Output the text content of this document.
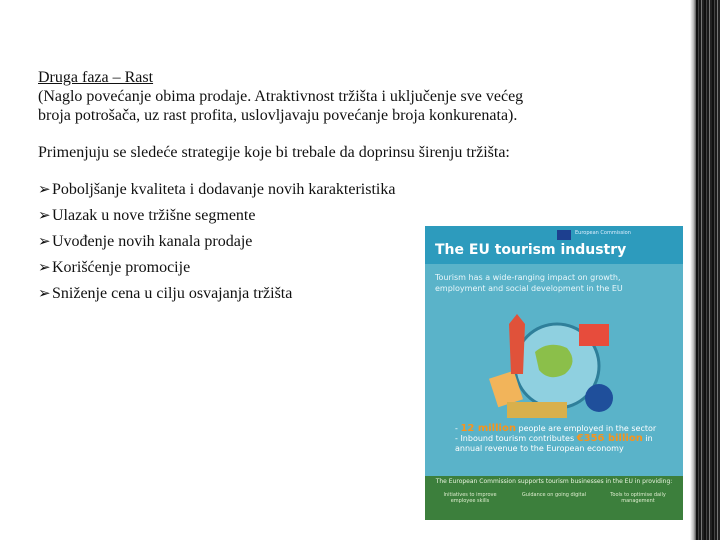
Druga faza – Rast

(Naglo povećanje obima prodaje. Atraktivnost tržišta i uključenje sve većeg broja potrošača, uz rast profita, uslovljavaju povećanje broja konkurenata).

Primenjuju se sledeće strategije koje bi trebale da doprinsu širenju tržišta:

➢Poboljšanje kvaliteta i dodavanje novih karakteristika
➢Ulazak u nove tržišne segmente
➢Uvođenje novih kanala prodaje
➢Korišćenje promocije
➢Sniženje cena u cilju osvajanja tržišta
European Commission
The EU tourism industry
Tourism has a wide-ranging impact on growth, employment and social development in the EU
- 12 million people are employed in the sector
- Inbound tourism contributes €356 billion in annual revenue to the European economy
The European Commission supports tourism businesses in the EU in providing:
Initiatives to improve employee skills
Guidance on going digital	Tools to optimise daily management
